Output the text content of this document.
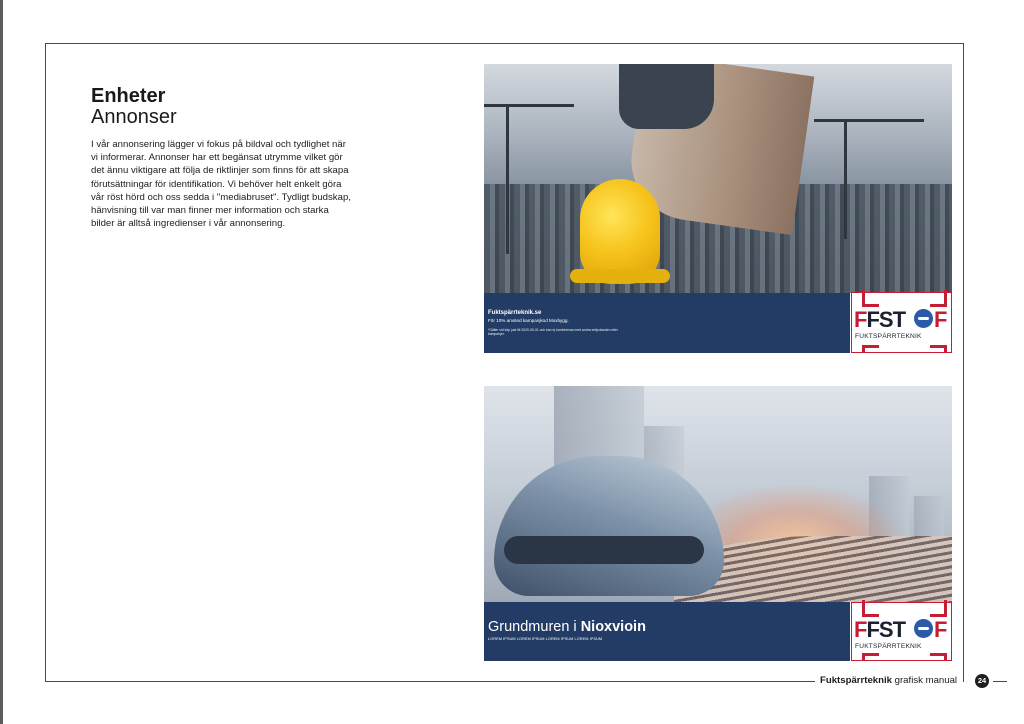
Enheter
Annonser

I vår annonsering lägger vi fokus på bildval och tydlighet när vi informerar. Annonser har ett begänsat utrymme vilket gör det ännu viktigare att följa de riktlinjer som finns för att skapa förutsättningar för identifikation. Vi behöver helt enkelt göra vår röst hörd och oss sedda i "mediabruset". Tydligt budskap, hänvisning till var man finner mer information och starka bilder är alltså ingredienser i vår annonsering.

Fuktspärrteknik.se

För 10% använd kampanjkod Mxxbygg.

*Gäller vid köp just till 2020-05-31 och kan ej kombineras med andra erbjudanden eller kampanjer.

FFST F
FUKTSPÄRRTEKNIK

Grundmuren i Nioxvioin

LOREM IPSUM LOREM IPSUM LOREM IPSUM LOREM IPSUM	FFST F
FUKTSPÄRRTEKNIK
Fuktspärrteknik grafisk manual	24
